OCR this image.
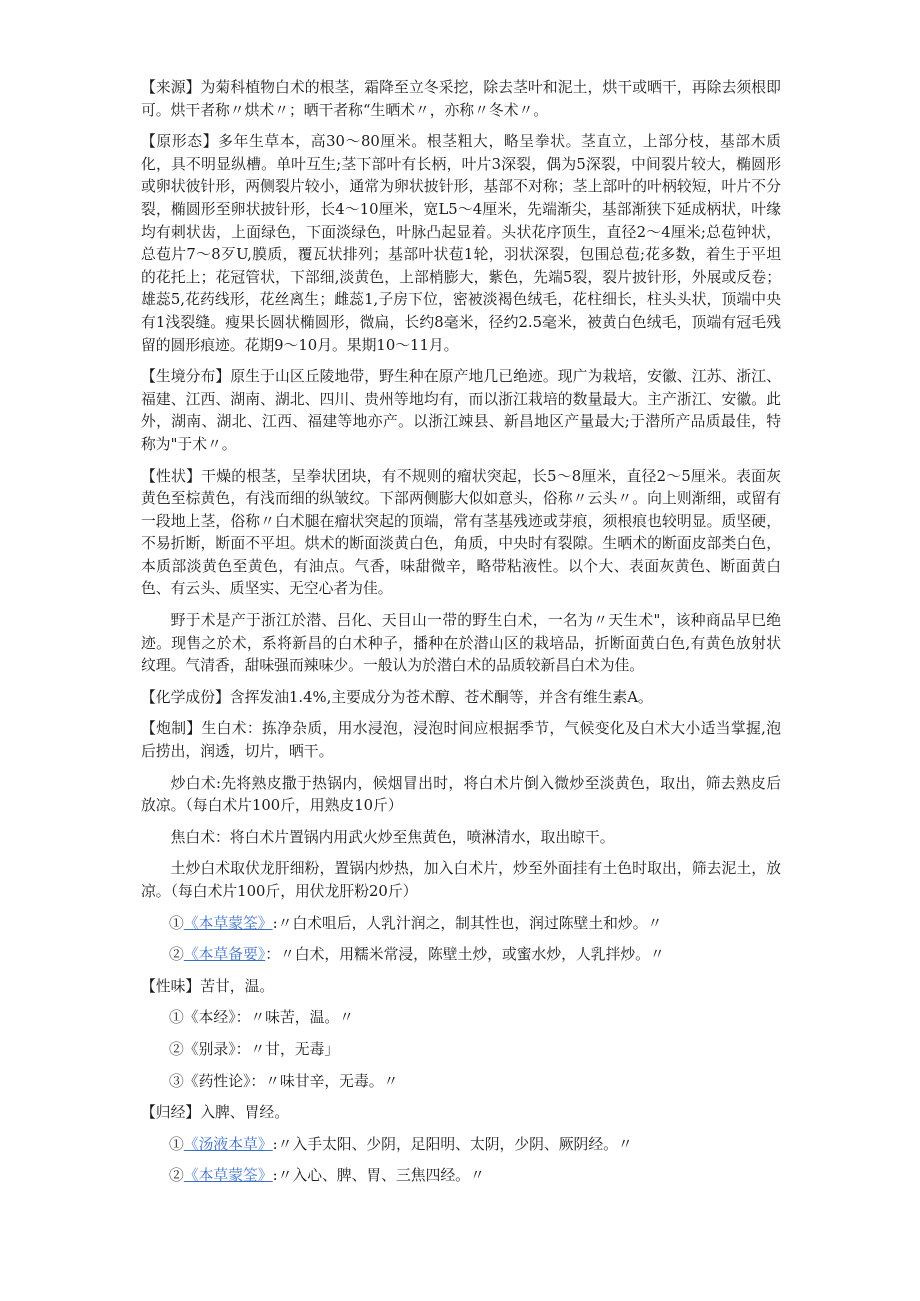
【来源】为菊科植物白术的根茎，霜降至立冬采挖，除去茎叶和泥土，烘干或晒干，再除去须根即可。烘干者称〃烘术〃；晒干者称“生晒术〃，亦称〃冬术〃。

【原形态】多年生草本，高30〜80厘米。根茎粗大，略呈拳状。茎直立，上部分枝，基部木质化，具不明显纵槽。单叶互生;茎下部叶有长柄，叶片3深裂，偶为5深裂，中间裂片较大，椭圆形或卵状彼针形，两侧裂片较小，通常为卵状披针形，基部不对称；茎上部叶的叶柄较短，叶片不分裂，椭圆形至卵状披针形，长4〜10厘米，宽L5〜4厘米，先端渐尖，基部渐狭下延成柄状，叶缘均有刺状齿，上面绿色，下面淡绿色，叶脉凸起显着。头状花序顶生，直径2〜4厘米;总苞钟状，总苞片7〜8歹U,膜质，覆瓦状排列；基部叶状苞1轮，羽状深裂，包围总苞;花多数，着生于平坦的花托上；花冠管状，下部细,淡黄色，上部梢膨大，紫色，先端5裂，裂片披针形，外展或反卷；雄蕊5,花药线形，花丝离生；雌蕊1,子房下位，密被淡褐色绒毛，花柱细长，柱头头状，顶端中央有1浅裂缝。瘦果长圆状椭圆形，微扁，长约8毫米，径约2.5毫米，被黄白色绒毛，顶端有冠毛残留的圆形痕迹。花期9〜10月。果期10〜11月。

【生境分布】原生于山区丘陵地带，野生种在原产地几已绝迹。现广为栽培，安徽、江苏、浙江、福建、江西、湖南、湖北、四川、贵州等地均有，而以浙江栽培的数量最大。主产浙江、安徽。此外，湖南、湖北、江西、福建等地亦产。以浙江竦县、新昌地区产量最大;于潜所产品质最佳，特称为"于术〃。

【性状】干燥的根茎，呈拳状团块，有不规则的瘤状突起，长5〜8厘米，直径2〜5厘米。表面灰黄色至棕黄色，有浅而细的纵皱纹。下部两侧膨大似如意头，俗称〃云头〃。向上则渐细，或留有一段地上茎，俗称〃白术腿在瘤状突起的顶端，常有茎基残迹或芽痕，须根痕也较明显。质坚硬，不易折断，断面不平坦。烘术的断面淡黄白色，角质，中央时有裂隙。生晒术的断面皮部类白色，本质部淡黄色至黄色，有油点。气香，味甜微辛，略带粘液性。以个大、表面灰黄色、断面黄白色、有云头、质坚实、无空心者为佳。

野于术是产于浙江於潜、吕化、天目山一带的野生白术，一名为〃天生术"，该种商品早巳绝迹。现售之於术，系将新昌的白术种子，播种在於潜山区的栽培品，折断面黄白色,有黄色放射状纹理。气清香，甜味强而辣味少。一般认为於潜白术的品质较新昌白术为佳。

【化学成份】含挥发油1.4%,主要成分为苍术醇、苍术酮等，并含有维生素A。

【炮制】生白术：拣净杂质，用水浸泡，浸泡时间应根据季节，气候变化及白术大小适当掌握,泡后捞出，润透，切片，晒干。

炒白术:先将熟皮撒于热锅内，候烟冒出时，将白术片倒入微炒至淡黄色，取出，筛去熟皮后放凉。（每白术片100斤，用熟皮10斤）

焦白术：将白术片置锅内用武火炒至焦黄色，喷淋清水，取出晾干。

土炒白术取伏龙肝细粉，置锅内炒热，加入白术片，炒至外面挂有土色时取出，筛去泥土，放凉。（每白术片100斤，用伏龙肝粉20斤）

①《本草蒙筌》:〃白术咀后，人乳汁润之，制其性也，润过陈壁土和炒。〃

②《本草备要》：〃白术，用糯米常浸，陈壁土炒，或蜜水炒，人乳拌炒。〃

【性味】苦甘，温。

①《本经》：〃味苦，温。〃

②《别录》：〃甘，无毒」

③《药性论》：〃味甘辛，无毒。〃

【归经】入脾、胃经。

①《汤液本草》:〃入手太阳、少阴，足阳明、太阴，少阴、厥阴经。〃

②《本草蒙筌》:〃入心、脾、胃、三焦四经。〃
